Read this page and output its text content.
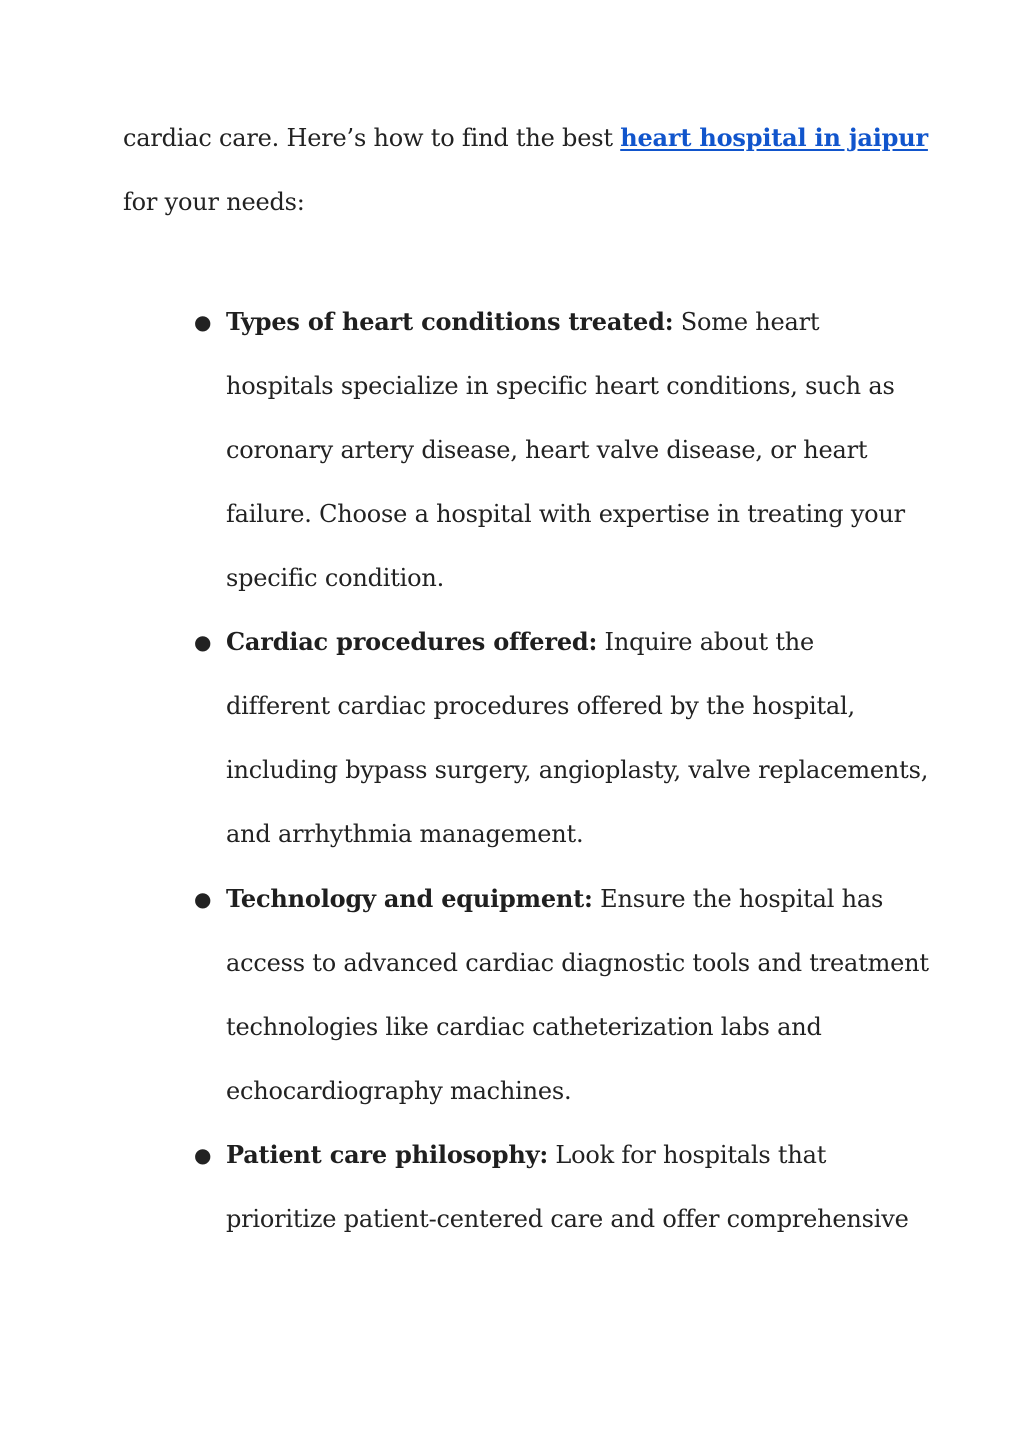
cardiac care. Here’s how to find the best heart hospital in jaipur
for your needs:
● Types of heart conditions treated: Some heart
hospitals specialize in specific heart conditions, such as
coronary artery disease, heart valve disease, or heart
failure. Choose a hospital with expertise in treating your
specific condition.
● Cardiac procedures offered: Inquire about the
different cardiac procedures offered by the hospital,
including bypass surgery, angioplasty, valve replacements,
and arrhythmia management.
● Technology and equipment: Ensure the hospital has
access to advanced cardiac diagnostic tools and treatment
technologies like cardiac catheterization labs and
echocardiography machines.
● Patient care philosophy: Look for hospitals that
prioritize patient-centered care and offer comprehensive
